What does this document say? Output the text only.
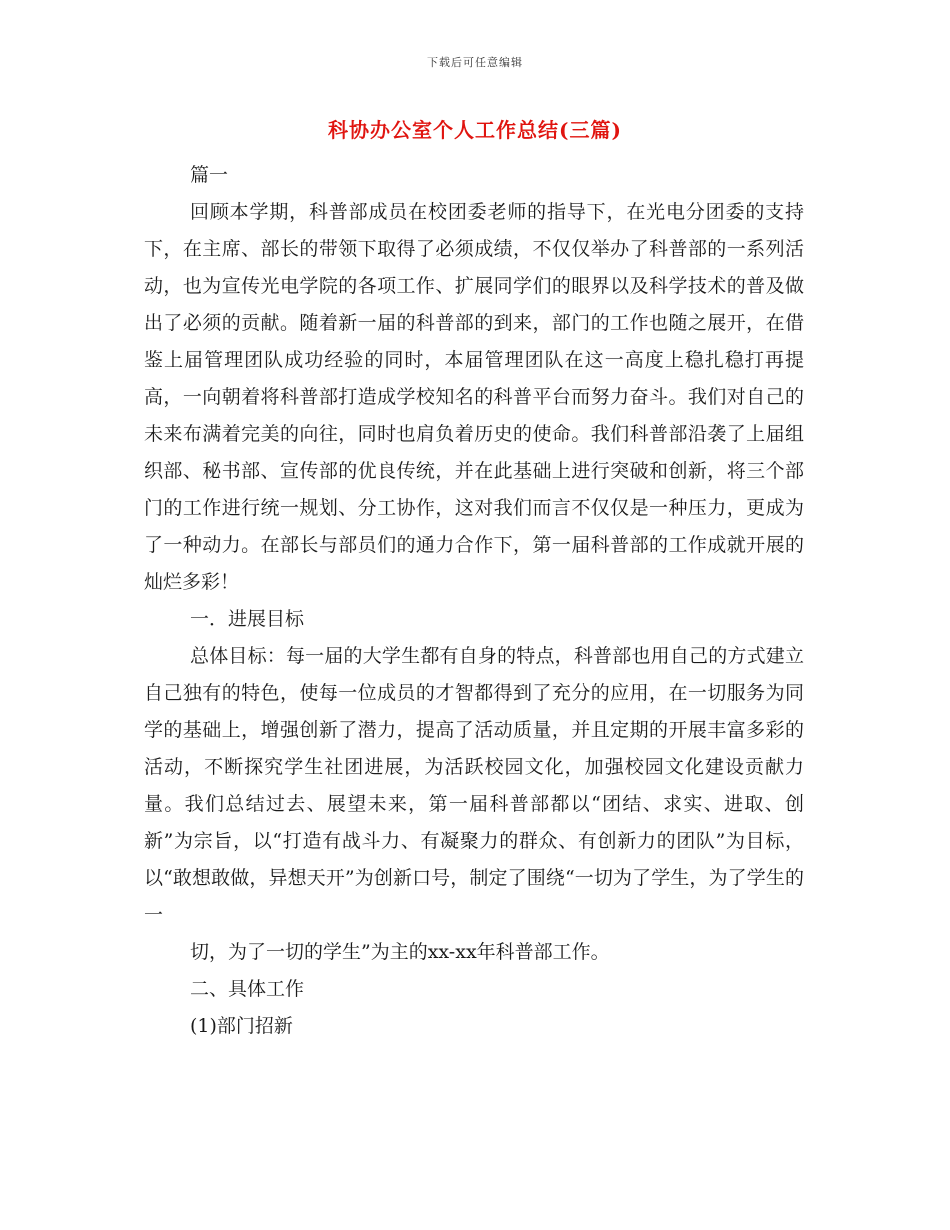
下载后可任意编辑
科协办公室个人工作总结(三篇)

篇一

回顾本学期，科普部成员在校团委老师的指导下，在光电分团委的支持下，在主席、部长的带领下取得了必须成绩，不仅仅举办了科普部的一系列活动，也为宣传光电学院的各项工作、扩展同学们的眼界以及科学技术的普及做出了必须的贡献。随着新一届的科普部的到来，部门的工作也随之展开，在借鉴上届管理团队成功经验的同时，本届管理团队在这一高度上稳扎稳打再提高，一向朝着将科普部打造成学校知名的科普平台而努力奋斗。我们对自己的未来布满着完美的向往，同时也肩负着历史的使命。我们科普部沿袭了上届组织部、秘书部、宣传部的优良传统，并在此基础上进行突破和创新，将三个部门的工作进行统一规划、分工协作，这对我们而言不仅仅是一种压力，更成为了一种动力。在部长与部员们的通力合作下，第一届科普部的工作成就开展的灿烂多彩！

一．进展目标

总体目标：每一届的大学生都有自身的特点，科普部也用自己的方式建立自己独有的特色，使每一位成员的才智都得到了充分的应用，在一切服务为同学的基础上，增强创新了潜力，提高了活动质量，并且定期的开展丰富多彩的活动，不断探究学生社团进展，为活跃校园文化，加强校园文化建设贡献力量。我们总结过去、展望未来，第一届科普部都以“团结、求实、进取、创新”为宗旨，以“打造有战斗力、有凝聚力的群众、有创新力的团队”为目标，以“敢想敢做，异想天开”为创新口号，制定了围绕“一切为了学生，为了学生的一

切，为了一切的学生”为主的xx-xx年科普部工作。

二、具体工作

(1)部门招新
